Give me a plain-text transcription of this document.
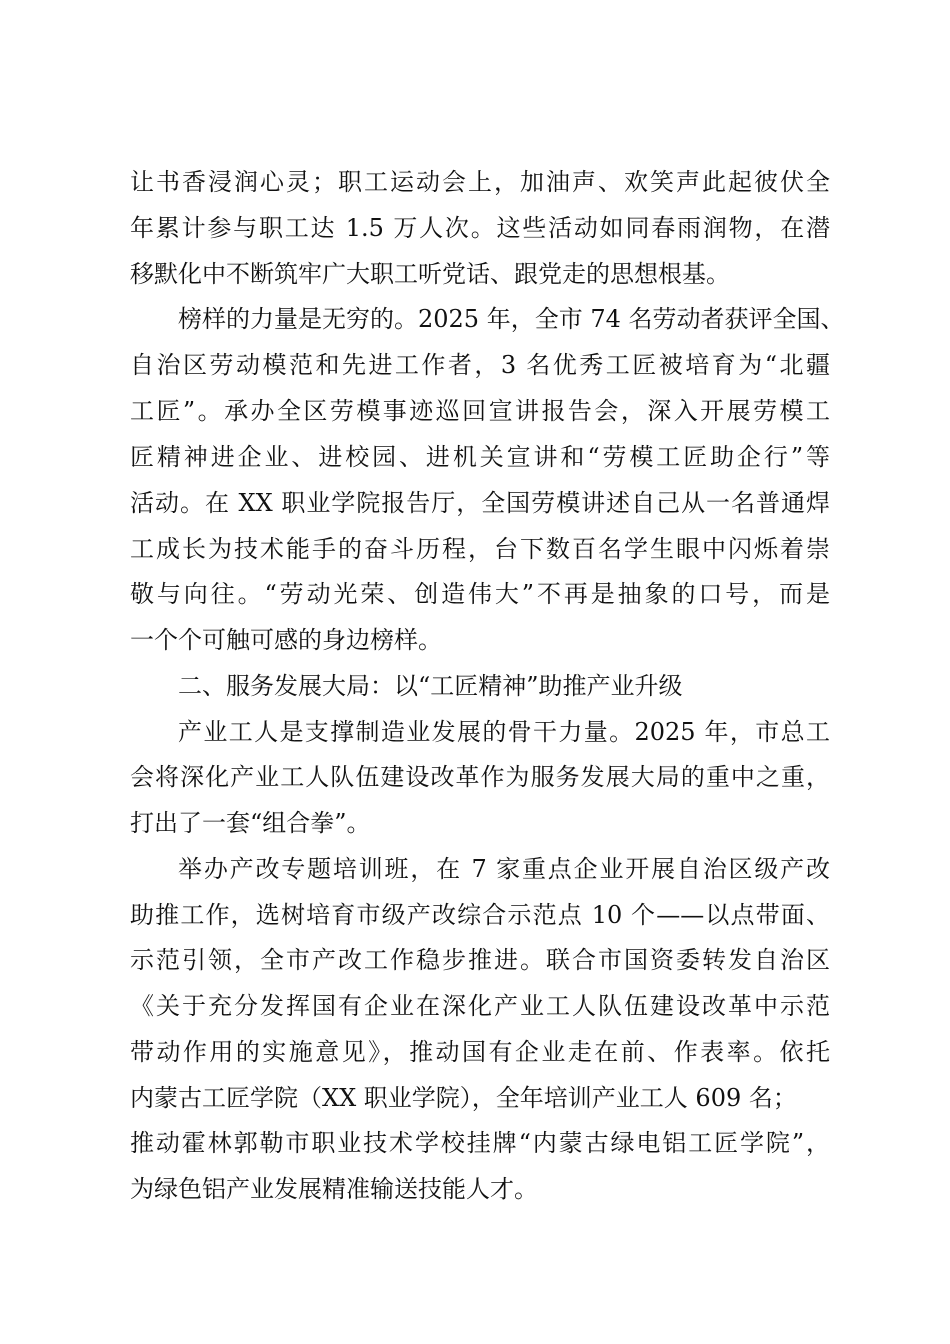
让书香浸润心灵；职工运动会上，加油声、欢笑声此起彼伏全
年累计参与职工达 1.5 万人次。这些活动如同春雨润物，在潜
移默化中不断筑牢广大职工听党话、跟党走的思想根基。
榜样的力量是无穷的。2025 年，全市 74 名劳动者获评全国、
自治区劳动模范和先进工作者，3 名优秀工匠被培育为“北疆
工匠”。承办全区劳模事迹巡回宣讲报告会，深入开展劳模工
匠精神进企业、进校园、进机关宣讲和“劳模工匠助企行”等
活动。在 XX 职业学院报告厅，全国劳模讲述自己从一名普通焊
工成长为技术能手的奋斗历程，台下数百名学生眼中闪烁着崇
敬与向往。“劳动光荣、创造伟大”不再是抽象的口号，而是
一个个可触可感的身边榜样。
二、服务发展大局：以“工匠精神”助推产业升级
产业工人是支撑制造业发展的骨干力量。2025 年，市总工
会将深化产业工人队伍建设改革作为服务发展大局的重中之重，
打出了一套“组合拳”。
举办产改专题培训班，在 7 家重点企业开展自治区级产改
助推工作，选树培育市级产改综合示范点 10 个——以点带面、
示范引领，全市产改工作稳步推进。联合市国资委转发自治区
《关于充分发挥国有企业在深化产业工人队伍建设改革中示范
带动作用的实施意见》，推动国有企业走在前、作表率。依托
内蒙古工匠学院（XX 职业学院），全年培训产业工人 609 名；
推动霍林郭勒市职业技术学校挂牌“内蒙古绿电铝工匠学院”，
为绿色铝产业发展精准输送技能人才。
